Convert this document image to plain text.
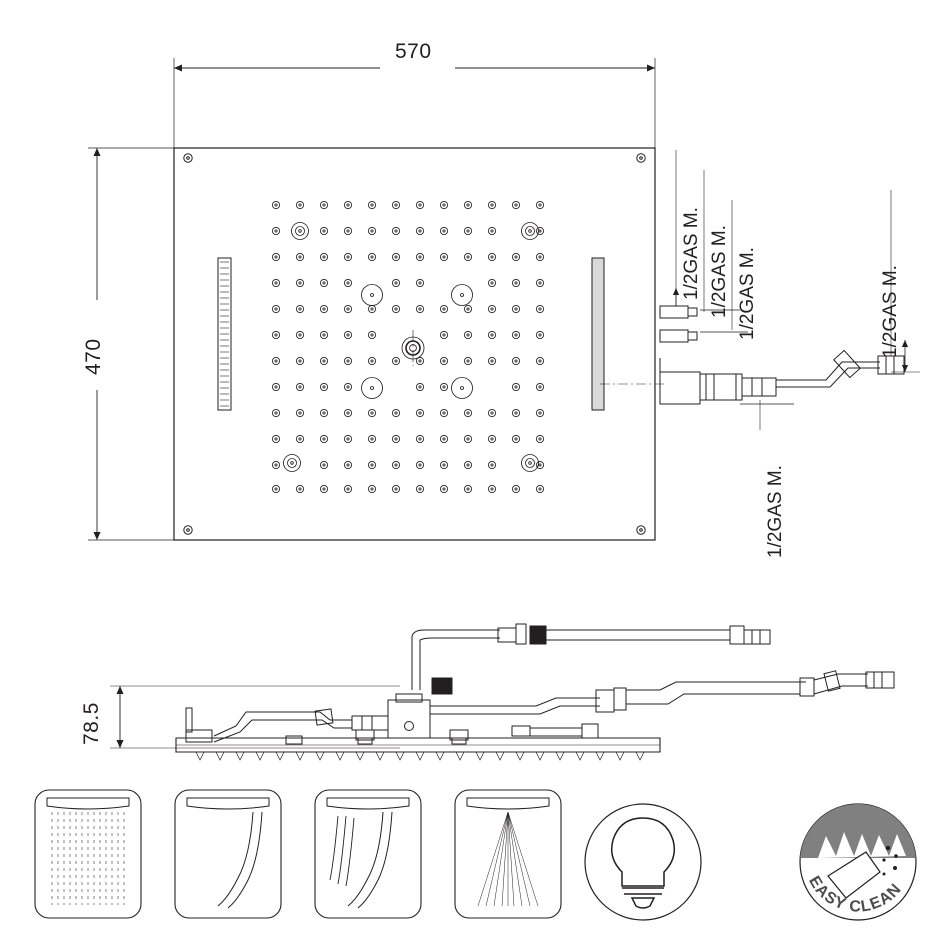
EASY CLEAN
570
470
78.5
1/2GAS M. 1/2GAS M. 1/2GAS M.	1/2GAS M.
1/2GAS M.
